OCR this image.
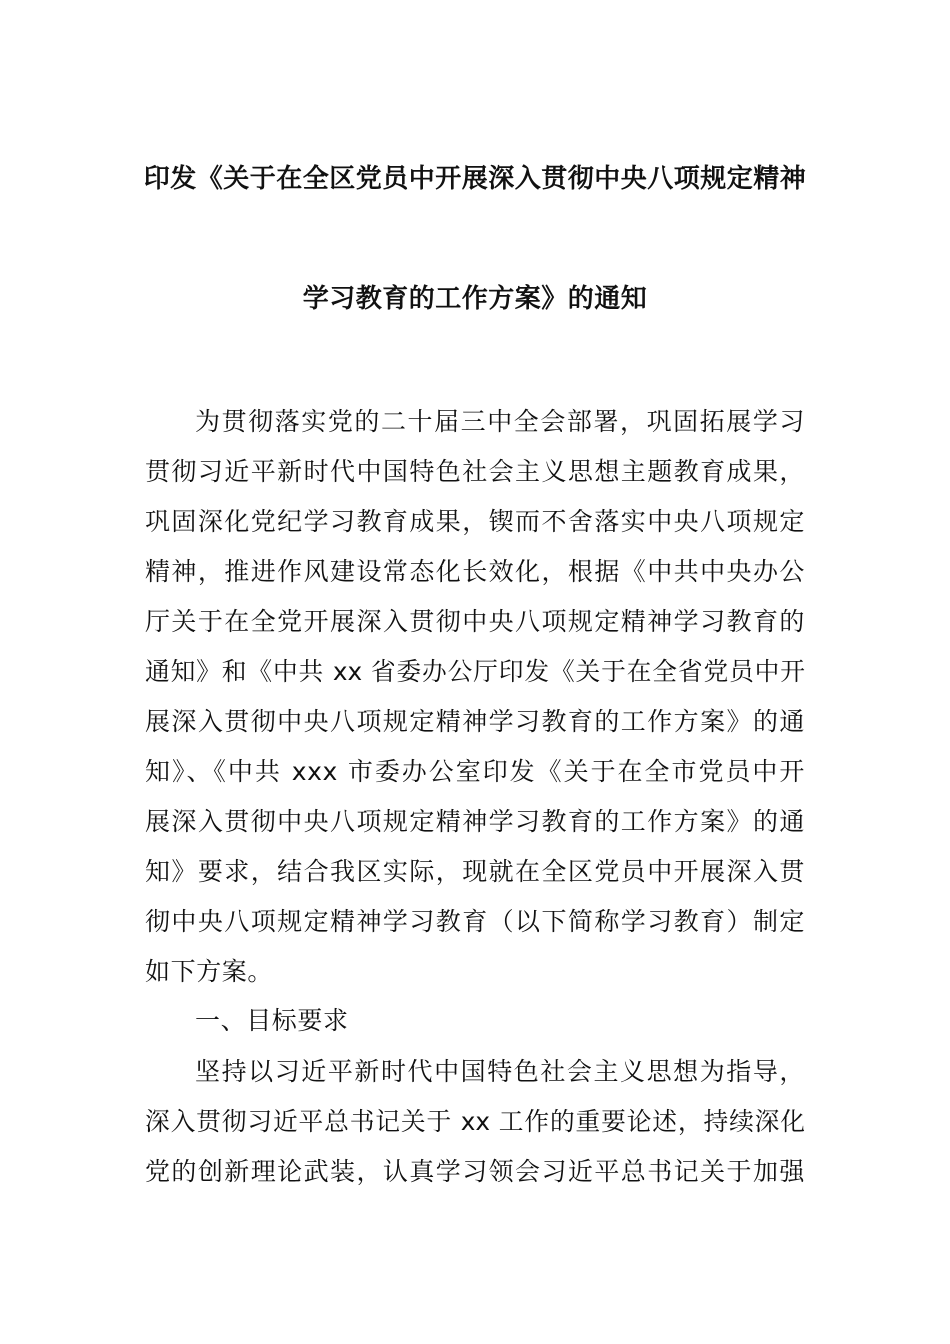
印发《关于在全区党员中开展深入贯彻中央八项规定精神
学习教育的工作方案》的通知
为贯彻落实党的二十届三中全会部署，巩固拓展学习
贯彻习近平新时代中国特色社会主义思想主题教育成果，
巩固深化党纪学习教育成果，锲而不舍落实中央八项规定
精神，推进作风建设常态化长效化，根据《中共中央办公
厅关于在全党开展深入贯彻中央八项规定精神学习教育的
通知》和《中共 xx 省委办公厅印发《关于在全省党员中开
展深入贯彻中央八项规定精神学习教育的工作方案》的通
知》、《中共 xxx 市委办公室印发《关于在全市党员中开
展深入贯彻中央八项规定精神学习教育的工作方案》的通
知》要求，结合我区实际，现就在全区党员中开展深入贯
彻中央八项规定精神学习教育（以下简称学习教育）制定
如下方案。
一、目标要求
坚持以习近平新时代中国特色社会主义思想为指导，
深入贯彻习近平总书记关于 xx 工作的重要论述，持续深化
党的创新理论武装，认真学习领会习近平总书记关于加强
